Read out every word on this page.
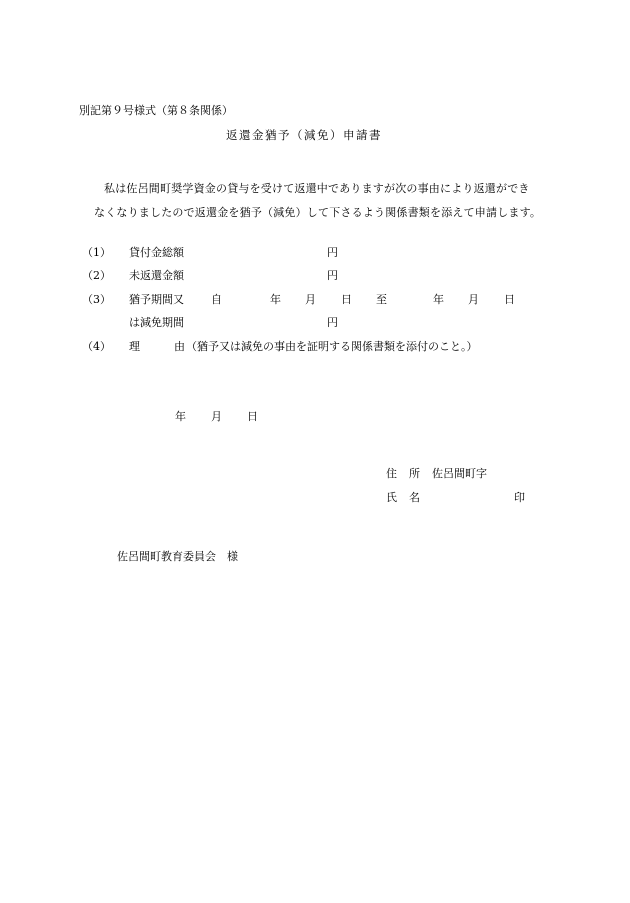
別記第９号様式（第８条関係）
返還金猶予（減免）申請書
私は佐呂間町奨学資金の貸与を受けて返還中でありますが次の事由により返還ができ
なくなりましたので返還金を猶予（減免）して下さるよう関係書類を添えて申請します。
（1） 貸付金総額	円
（2） 未返還金額	円
（3） 猶予期間又 自	年 月 日 至	年 月 日
は減免期間	円
（4） 理	由 （猶予又は減免の事由を証明する関係書類を添付のこと。）
年 月 日
住 所 佐呂間町字
氏 名	印
佐呂間町教育委員会　様
